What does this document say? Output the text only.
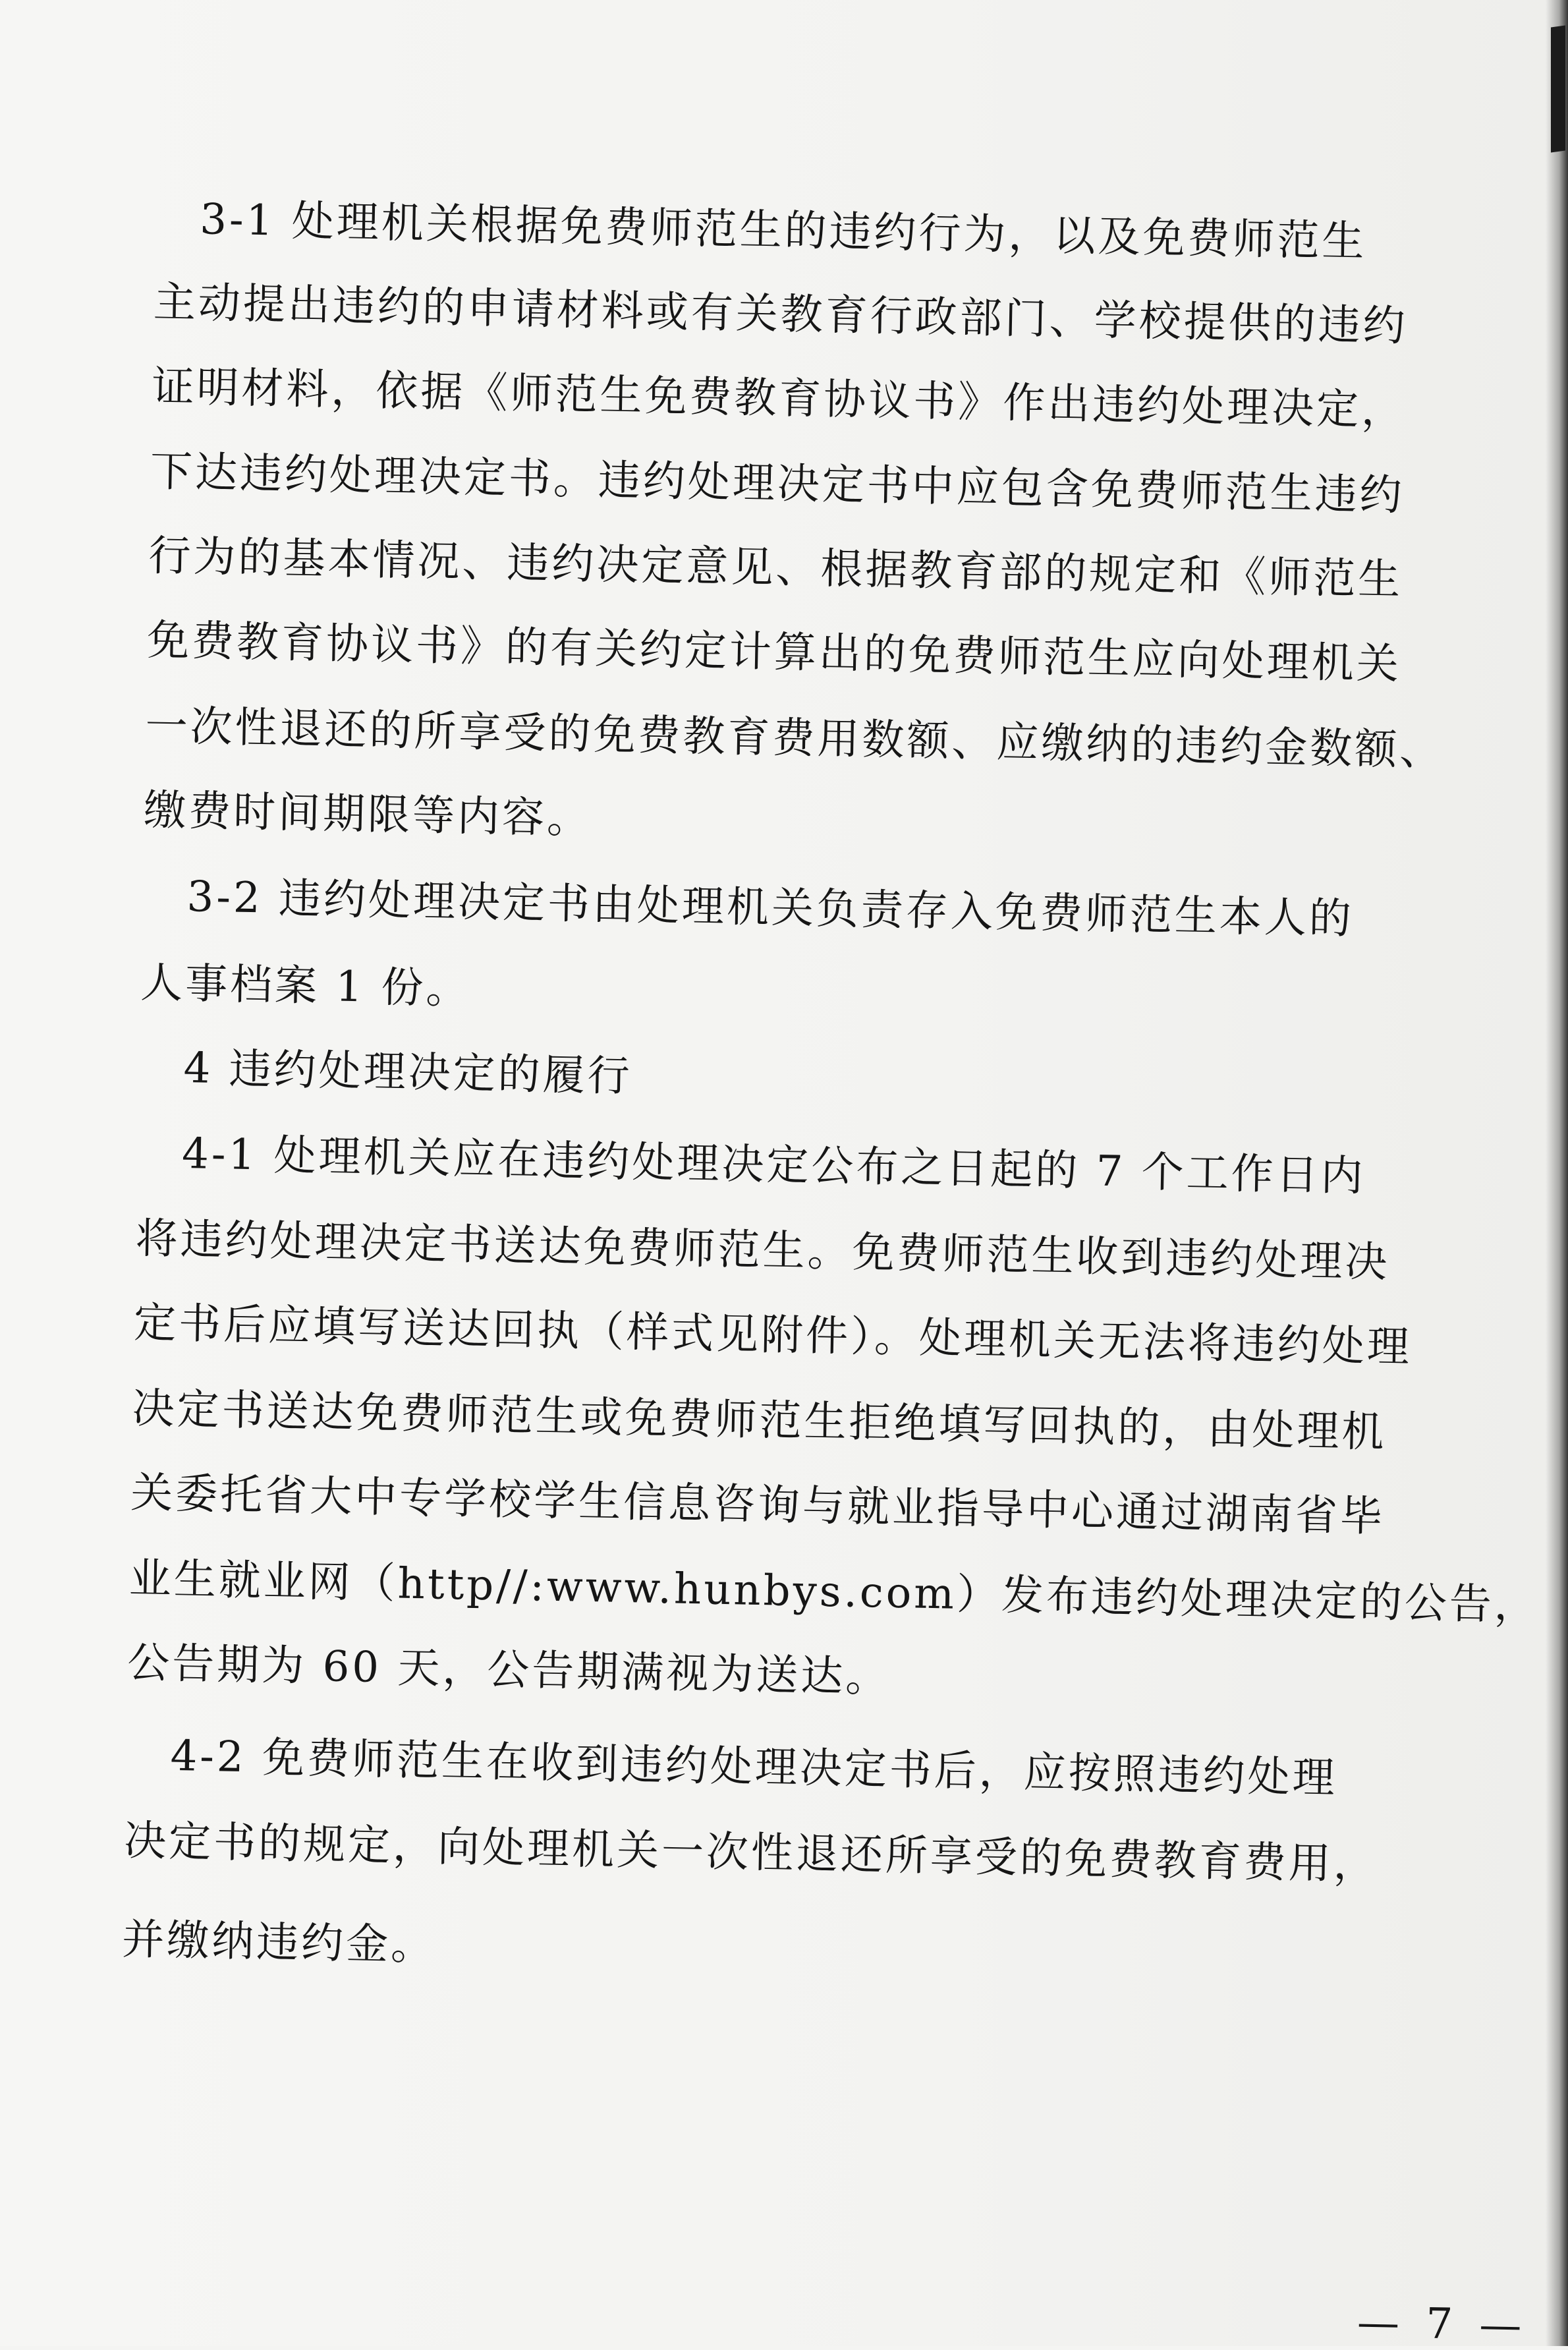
　3-1 处理机关根据免费师范生的违约行为，以及免费师范生
主动提出违约的申请材料或有关教育行政部门、学校提供的违约
证明材料，依据《师范生免费教育协议书》作出违约处理决定，
下达违约处理决定书。违约处理决定书中应包含免费师范生违约
行为的基本情况、违约决定意见、根据教育部的规定和《师范生
免费教育协议书》的有关约定计算出的免费师范生应向处理机关
一次性退还的所享受的免费教育费用数额、应缴纳的违约金数额、
缴费时间期限等内容。
　3-2 违约处理决定书由处理机关负责存入免费师范生本人的
人事档案 1 份。
　4 违约处理决定的履行
　4-1 处理机关应在违约处理决定公布之日起的 7 个工作日内
将违约处理决定书送达免费师范生。免费师范生收到违约处理决
定书后应填写送达回执（样式见附件）。处理机关无法将违约处理
决定书送达免费师范生或免费师范生拒绝填写回执的，由处理机
关委托省大中专学校学生信息咨询与就业指导中心通过湖南省毕
业生就业网（http//:www.hunbys.com）发布违约处理决定的公告，
公告期为 60 天，公告期满视为送达。
　4-2 免费师范生在收到违约处理决定书后，应按照违约处理
决定书的规定，向处理机关一次性退还所享受的免费教育费用，
并缴纳违约金。
— 7 —
